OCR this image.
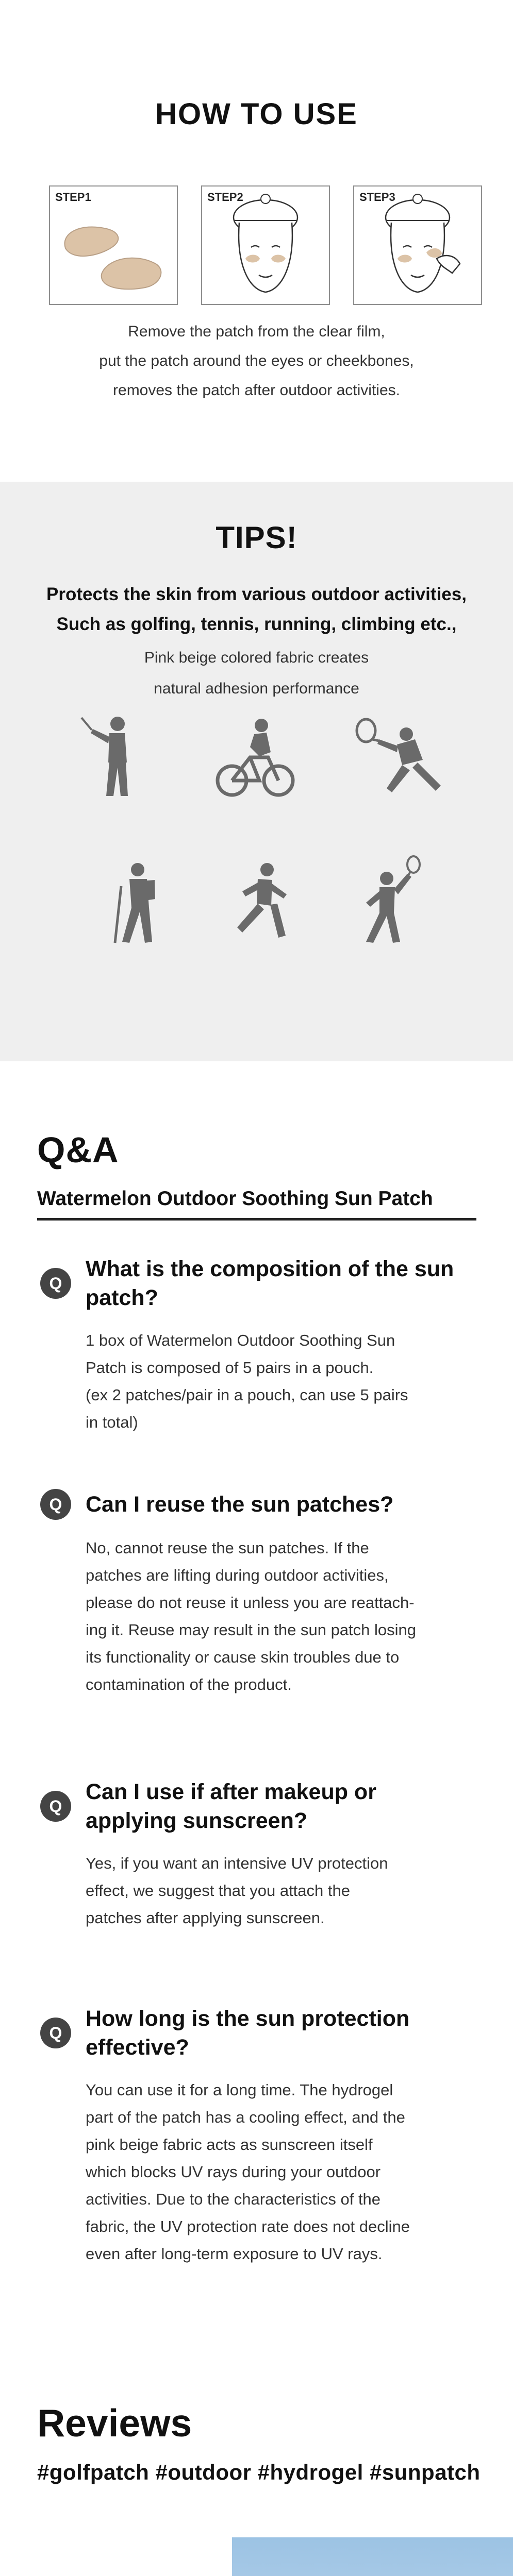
HOW TO USE
STEP1	STEP2	STEP3
Remove the patch from the clear film,
put the patch around the eyes or cheekbones,
removes the patch after outdoor activities.
TIPS!
Protects the skin from various outdoor activities,
Such as golfing, tennis, running, climbing etc.,
Pink beige colored fabric creates
natural adhesion performance
Q&A
Watermelon Outdoor Soothing Sun Patch
Q
What is the composition of the sun patch?
1 box of Watermelon Outdoor Soothing Sun
Patch is composed of 5 pairs in a pouch.
(ex 2 patches/pair in a pouch, can use 5 pairs
in total)
Q	Can I reuse the sun patches?
No, cannot reuse the sun patches. If the
patches are lifting during outdoor activities,
please do not reuse it unless you are reattach-
ing it. Reuse may result in the sun patch losing
its functionality or cause skin troubles due to
contamination of the product.
Q
Can I use if after makeup or
applying sunscreen?
Yes, if you want an intensive UV protection
effect, we suggest that you attach the
patches after applying sunscreen.
Q
How long is the sun protection effective?
You can use it for a long time. The hydrogel
part of the patch has a cooling effect, and the
pink beige fabric acts as sunscreen itself
which blocks UV rays during your outdoor
activities. Due to the characteristics of the
fabric, the UV protection rate does not decline
even after long-term exposure to UV rays.
Reviews
#golfpatch #outdoor #hydrogel #sunpatch
